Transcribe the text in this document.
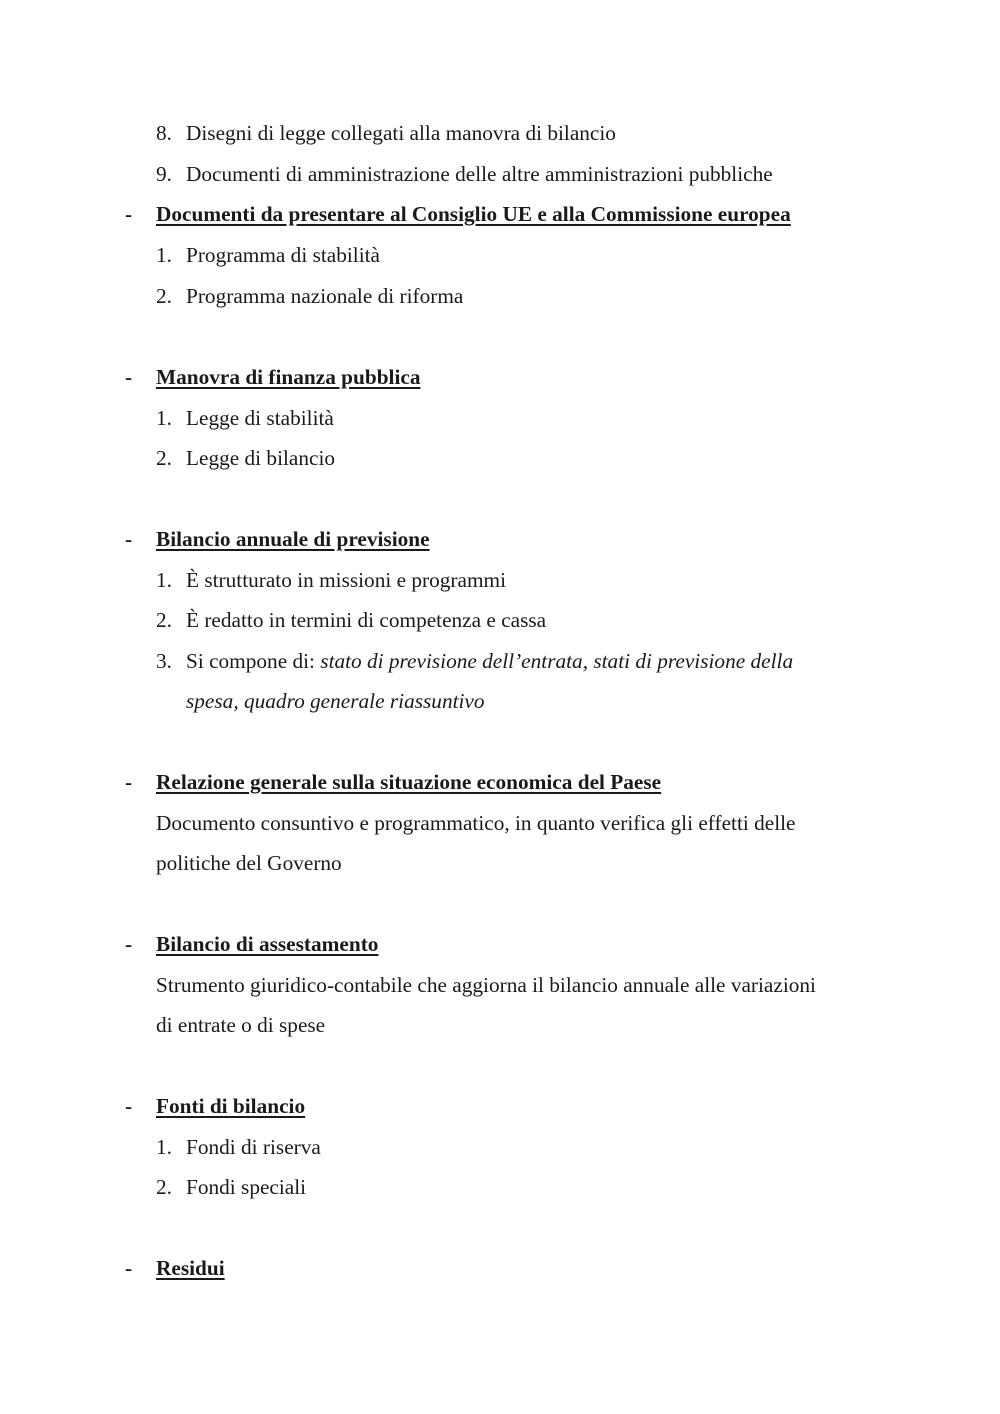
8. Disegni di legge collegati alla manovra di bilancio
9. Documenti di amministrazione delle altre amministrazioni pubbliche
- Documenti da presentare al Consiglio UE e alla Commissione europea
1. Programma di stabilità
2. Programma nazionale di riforma
- Manovra di finanza pubblica
1. Legge di stabilità
2. Legge di bilancio
- Bilancio annuale di previsione
1. È strutturato in missioni e programmi
2. È redatto in termini di competenza e cassa
3. Si compone di: stato di previsione dell’entrata, stati di previsione della
spesa, quadro generale riassuntivo
- Relazione generale sulla situazione economica del Paese
Documento consuntivo e programmatico, in quanto verifica gli effetti delle
politiche del Governo
- Bilancio di assestamento
Strumento giuridico-contabile che aggiorna il bilancio annuale alle variazioni
di entrate o di spese
- Fonti di bilancio
1. Fondi di riserva
2. Fondi speciali
- Residui
